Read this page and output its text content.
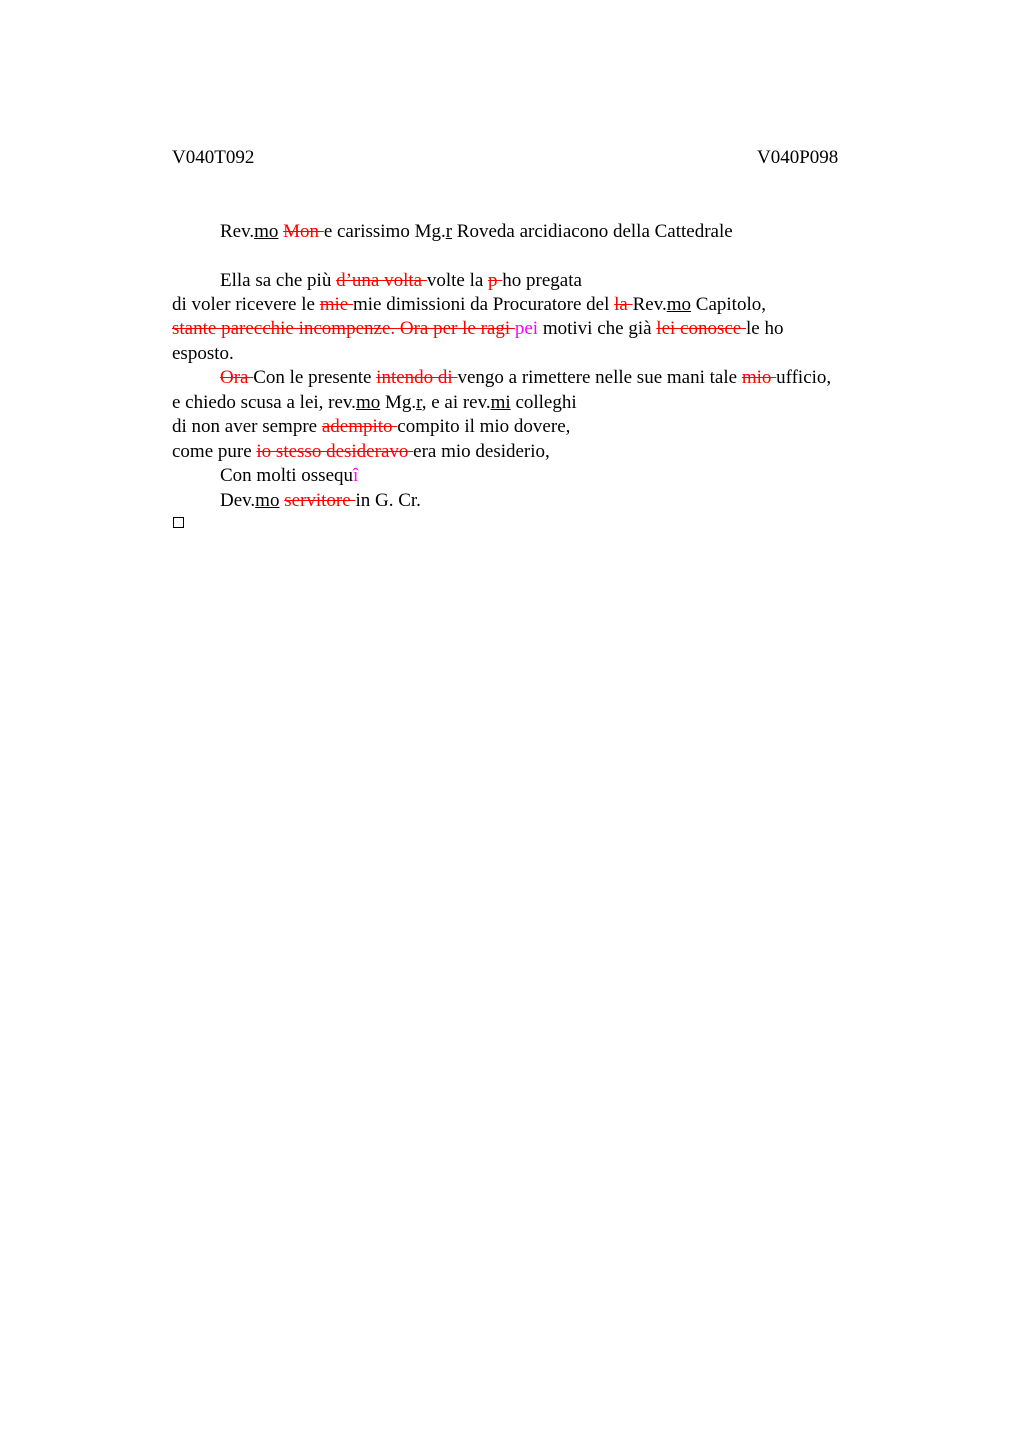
V040T092	V040P098
Rev.mo Mon e carissimo Mg.r Roveda arcidiacono della Cattedrale
Ella sa che più d’una volta volte la p ho pregata
di voler ricevere le mie mie dimissioni da Procuratore del la Rev.mo Capitolo,
stante parecchie incompenze. Ora per le ragi pei motivi che già lei conosce le ho
esposto.
Ora Con le presente intendo di vengo a rimettere nelle sue mani tale mio ufficio,
e chiedo scusa a lei, rev.mo Mg.r, e ai rev.mi colleghi
di non aver sempre adempito compito il mio dovere,
come pure io stesso desideravo era mio desiderio,
Con molti ossequî
Dev.mo servitore in G. Cr.
